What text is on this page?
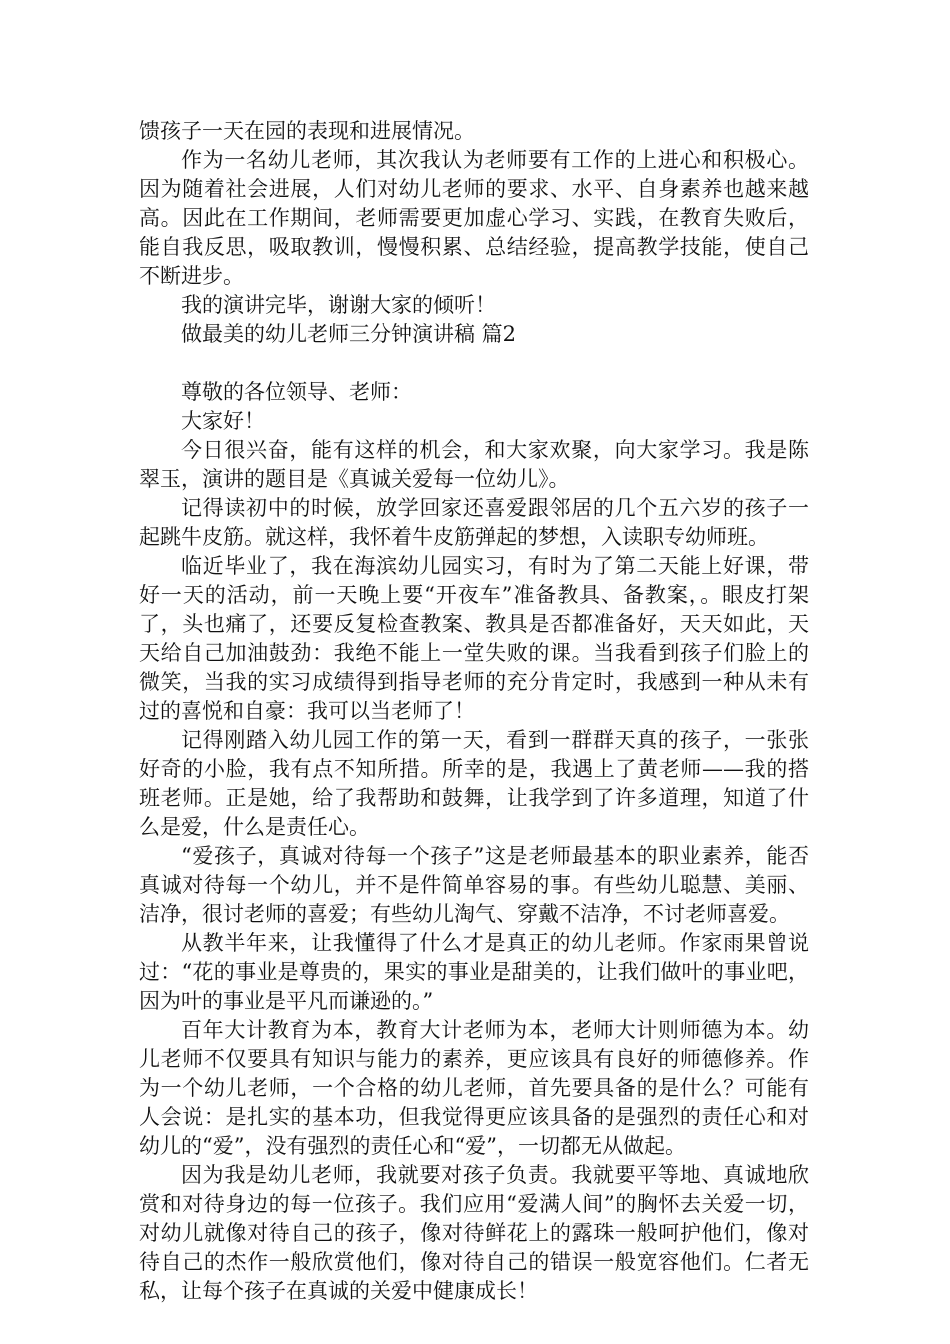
馈孩子一天在园的表现和进展情况。

作为一名幼儿老师，其次我认为老师要有工作的上进心和积极心。因为随着社会进展，人们对幼儿老师的要求、水平、自身素养也越来越高。因此在工作期间，老师需要更加虚心学习、实践，在教育失败后，能自我反思，吸取教训，慢慢积累、总结经验，提高教学技能，使自己不断进步。

我的演讲完毕，谢谢大家的倾听！

做最美的幼儿老师三分钟演讲稿 篇2

尊敬的各位领导、老师：

大家好！

今日很兴奋，能有这样的机会，和大家欢聚，向大家学习。我是陈翠玉，演讲的题目是《真诚关爱每一位幼儿》。

记得读初中的时候，放学回家还喜爱跟邻居的几个五六岁的孩子一起跳牛皮筋。就这样，我怀着牛皮筋弹起的梦想，入读职专幼师班。

临近毕业了，我在海滨幼儿园实习，有时为了第二天能上好课，带好一天的活动，前一天晚上要“开夜车”准备教具、备教案，。眼皮打架了，头也痛了，还要反复检查教案、教具是否都准备好，天天如此，天天给自己加油鼓劲：我绝不能上一堂失败的课。当我看到孩子们脸上的微笑，当我的实习成绩得到指导老师的充分肯定时，我感到一种从未有过的喜悦和自豪：我可以当老师了！

记得刚踏入幼儿园工作的第一天，看到一群群天真的孩子，一张张好奇的小脸，我有点不知所措。所幸的是，我遇上了黄老师——我的搭班老师。正是她，给了我帮助和鼓舞，让我学到了许多道理，知道了什么是爱，什么是责任心。

“爱孩子，真诚对待每一个孩子”这是老师最基本的职业素养，能否真诚对待每一个幼儿，并不是件简单容易的事。有些幼儿聪慧、美丽、洁净，很讨老师的喜爱；有些幼儿淘气、穿戴不洁净，不讨老师喜爱。

从教半年来，让我懂得了什么才是真正的幼儿老师。作家雨果曾说过：“花的事业是尊贵的，果实的事业是甜美的，让我们做叶的事业吧，因为叶的事业是平凡而谦逊的。”

百年大计教育为本，教育大计老师为本，老师大计则师德为本。幼儿老师不仅要具有知识与能力的素养，更应该具有良好的师德修养。作为一个幼儿老师，一个合格的幼儿老师，首先要具备的是什么？可能有人会说：是扎实的基本功，但我觉得更应该具备的是强烈的责任心和对幼儿的“爱”，没有强烈的责任心和“爱”，一切都无从做起。

因为我是幼儿老师，我就要对孩子负责。我就要平等地、真诚地欣赏和对待身边的每一位孩子。我们应用“爱满人间”的胸怀去关爱一切，对幼儿就像对待自己的孩子，像对待鲜花上的露珠一般呵护他们，像对待自己的杰作一般欣赏他们，像对待自己的错误一般宽容他们。仁者无私，让每个孩子在真诚的关爱中健康成长！
